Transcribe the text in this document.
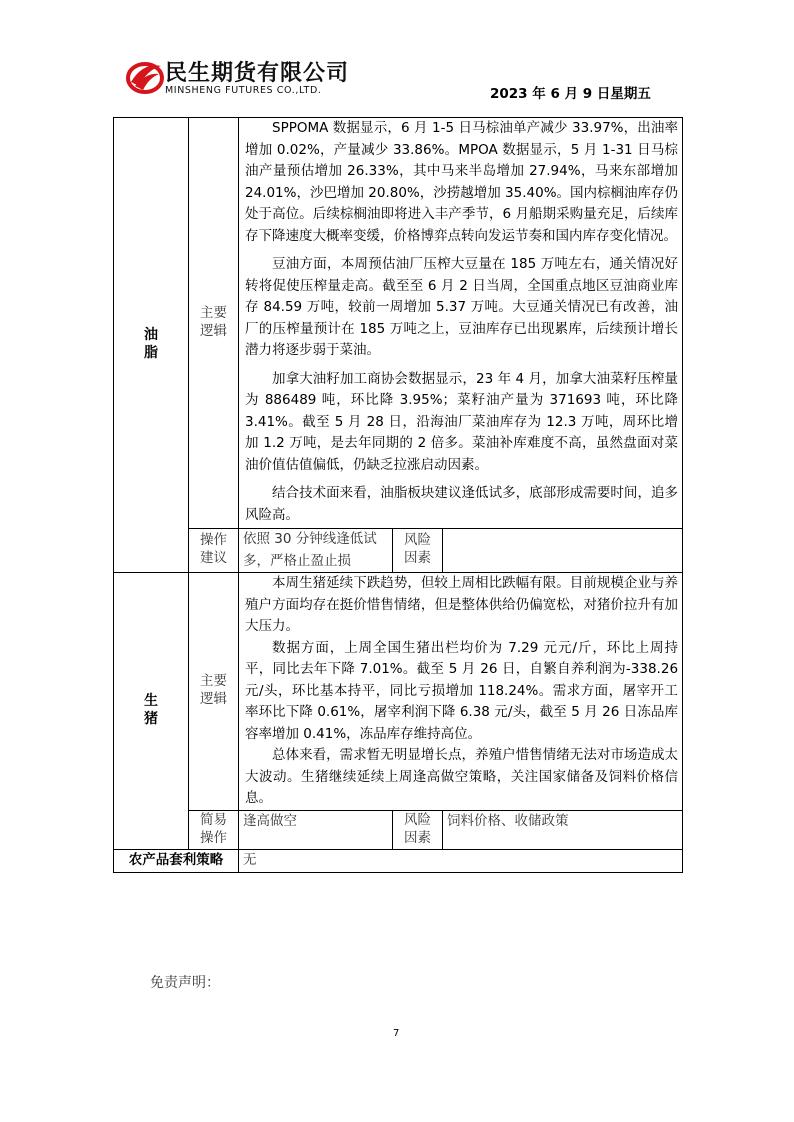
民生期货有限公司
MINSHENG FUTURES CO.,LTD.	2023 年 6 月 9 日星期五
油脂	主要逻辑	SPPOMA 数据显示，6 月 1-5 日马棕油单产减少 33.97%，出油率增加 0.02%，产量减少 33.86%。MPOA 数据显示，5 月 1-31 日马棕油产量预估增加 26.33%，其中马来半岛增加 27.94%，马来东部增加 24.01%，沙巴增加 20.80%，沙捞越增加 35.40%。国内棕榈油库存仍处于高位。后续棕榈油即将进入丰产季节，6 月船期采购量充足，后续库存下降速度大概率变缓，价格博弈点转向发运节奏和国内库存变化情况。

豆油方面，本周预估油厂压榨大豆量在 185 万吨左右，通关情况好转将促使压榨量走高。截至至 6 月 2 日当周，全国重点地区豆油商业库存 84.59 万吨，较前一周增加 5.37 万吨。大豆通关情况已有改善，油厂的压榨量预计在 185 万吨之上，豆油库存已出现累库，后续预计增长潜力将逐步弱于菜油。

加拿大油籽加工商协会数据显示，23 年 4 月，加拿大油菜籽压榨量为 886489 吨，环比降 3.95%；菜籽油产量为 371693 吨，环比降 3.41%。截至 5 月 28 日，沿海油厂菜油库存为 12.3 万吨，周环比增加 1.2 万吨，是去年同期的 2 倍多。菜油补库难度不高，虽然盘面对菜油价值估值偏低，仍缺乏拉涨启动因素。

结合技术面来看，油脂板块建议逢低试多，底部形成需要时间，追多风险高。		

	操作建议	依照 30 分钟线逢低试多，严格止盈止损	风险因素	
生猪	主要逻辑	本周生猪延续下跌趋势，但较上周相比跌幅有限。目前规模企业与养殖户方面均存在挺价惜售情绪，但是整体供给仍偏宽松，对猪价拉升有加大压力。

数据方面，上周全国生猪出栏均价为 7.29 元元/斤，环比上周持平，同比去年下降 7.01%。截至 5 月 26 日，自繁自养利润为-338.26 元/头，环比基本持平，同比亏损增加 118.24%。需求方面，屠宰开工率环比下降 0.61%，屠宰利润下降 6.38 元/头，截至 5 月 26 日冻品库容率增加 0.41%，冻品库存维持高位。

总体来看，需求暂无明显增长点，养殖户惜售情绪无法对市场造成太大波动。生猪继续延续上周逢高做空策略，关注国家储备及饲料价格信息。		

	简易操作	逢高做空	风险因素	饲料价格、收储政策
农产品套利策略		无		
免责声明：
7
